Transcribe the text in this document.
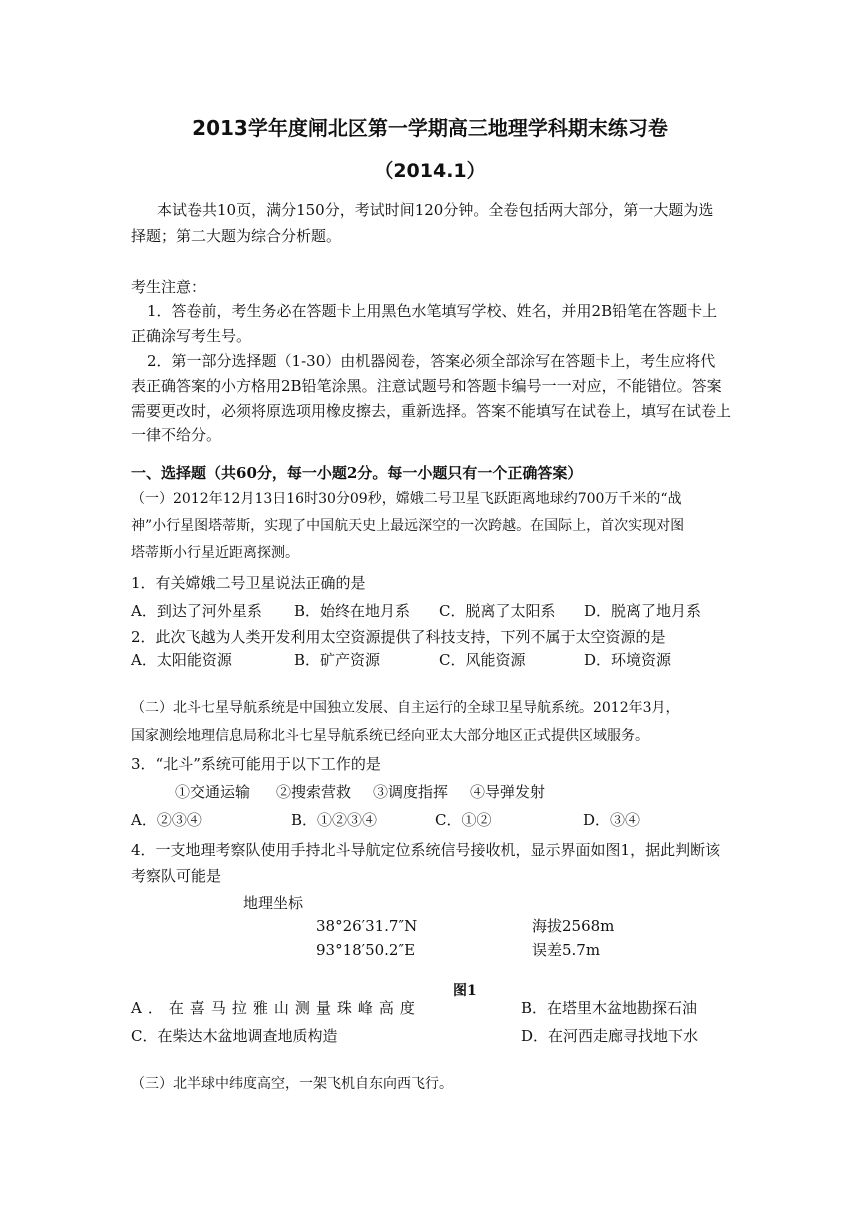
2013学年度闸北区第一学期高三地理学科期末练习卷
（2014.1）
本试卷共10页，满分150分，考试时间120分钟。全卷包括两大部分，第一大题为选
择题；第二大题为综合分析题。
考生注意：
1．答卷前，考生务必在答题卡上用黑色水笔填写学校、姓名，并用2B铅笔在答题卡上
正确涂写考生号。
2．第一部分选择题（1-30）由机器阅卷，答案必须全部涂写在答题卡上，考生应将代
表正确答案的小方格用2B铅笔涂黑。注意试题号和答题卡编号一一对应，不能错位。答案
需要更改时，必须将原选项用橡皮擦去，重新选择。答案不能填写在试卷上，填写在试卷上
一律不给分。
一、选择题（共60分，每一小题2分。每一小题只有一个正确答案）
（一）2012年12月13日16时30分09秒，嫦娥二号卫星飞跃距离地球约700万千米的“战
神”小行星图塔蒂斯，实现了中国航天史上最远深空的一次跨越。在国际上，首次实现对图
塔蒂斯小行星近距离探测。
1．有关嫦娥二号卫星说法正确的是
A．到达了河外星系 B．始终在地月系 C．脱离了太阳系 D．脱离了地月系
2．此次飞越为人类开发利用太空资源提供了科技支持，下列不属于太空资源的是
A．太阳能资源	B．矿产资源	C．风能资源	D．环境资源
（二）北斗七星导航系统是中国独立发展、自主运行的全球卫星导航系统。2012年3月，
国家测绘地理信息局称北斗七星导航系统已经向亚太大部分地区正式提供区域服务。
3．“北斗”系统可能用于以下工作的是
①交通运输 ②搜索营救 ③调度指挥 ④导弹发射
A．②③④	B．①②③④	C．①②	D．③④
4．一支地理考察队使用手持北斗导航定位系统信号接收机，显示界面如图1，据此判断该
考察队可能是
地理坐标
38°26′31.7″N
93°18′50.2″E
海拔2568m
误差5.7m
图1
A．在喜马拉雅山测量珠峰高度	B．在塔里木盆地勘探石油
C．在柴达木盆地调查地质构造	D．在河西走廊寻找地下水
（三）北半球中纬度高空，一架飞机自东向西飞行。
